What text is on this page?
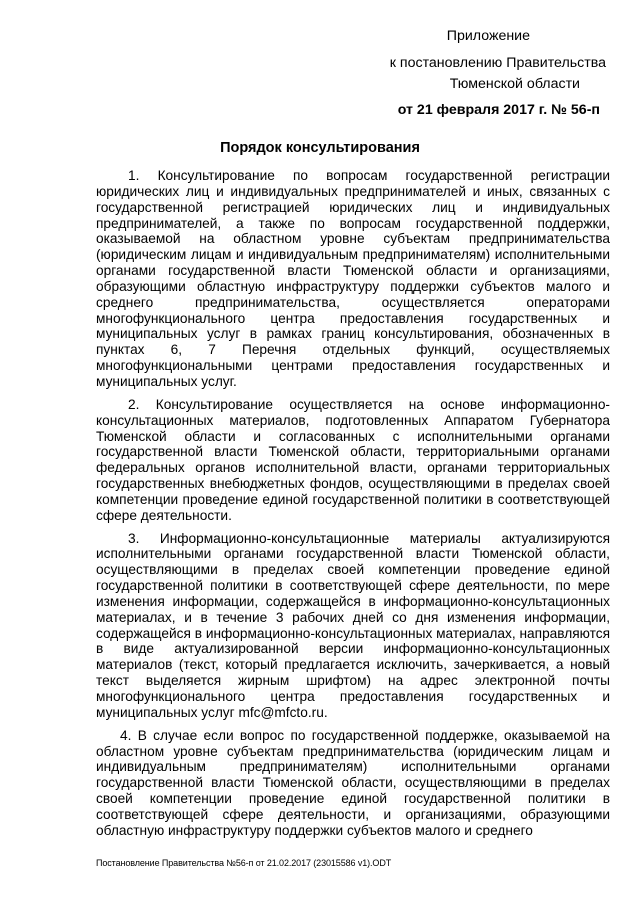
Приложение
к постановлению Правительства
Тюменской области
от 21 февраля 2017 г. № 56-п
Порядок консультирования

1. Консультирование по вопросам государственной регистрации юридических лиц и индивидуальных предпринимателей и иных, связанных с государственной регистрацией юридических лиц и индивидуальных предпринимателей, а также по вопросам государственной поддержки, оказываемой на областном уровне субъектам предпринимательства (юридическим лицам и индивидуальным предпринимателям) исполнительными органами государственной власти Тюменской области и организациями, образующими областную инфраструктуру поддержки субъектов малого и среднего предпринимательства, осуществляется операторами многофункционального центра предоставления государственных и муниципальных услуг в рамках границ консультирования, обозначенных в пунктах 6, 7 Перечня отдельных функций, осуществляемых многофункциональными центрами предоставления государственных и муниципальных услуг.

2. Консультирование осуществляется на основе информационно-консультационных материалов, подготовленных Аппаратом Губернатора Тюменской области и согласованных с исполнительными органами государственной власти Тюменской области, территориальными органами федеральных органов исполнительной власти, органами территориальных государственных внебюджетных фондов, осуществляющими в пределах своей компетенции проведение единой государственной политики в соответствующей сфере деятельности.

3. Информационно-консультационные материалы актуализируются исполнительными органами государственной власти Тюменской области, осуществляющими в пределах своей компетенции проведение единой государственной политики в соответствующей сфере деятельности, по мере изменения информации, содержащейся в информационно-консультационных материалах, и в течение 3 рабочих дней со дня изменения информации, содержащейся в информационно-консультационных материалах, направляются в виде актуализированной версии информационно-консультационных материалов (текст, который предлагается исключить, зачеркивается, а новый текст выделяется жирным шрифтом) на адрес электронной почты многофункционального центра предоставления государственных и муниципальных услуг mfc@mfcto.ru.

4. В случае если вопрос по государственной поддержке, оказываемой на областном уровне субъектам предпринимательства (юридическим лицам и индивидуальным предпринимателям) исполнительными органами государственной власти Тюменской области, осуществляющими в пределах своей компетенции проведение единой государственной политики в соответствующей сфере деятельности, и организациями, образующими областную инфраструктуру поддержки субъектов малого и среднего

Постановление Правительства №56-п от 21.02.2017 (23015586 v1).ODT
